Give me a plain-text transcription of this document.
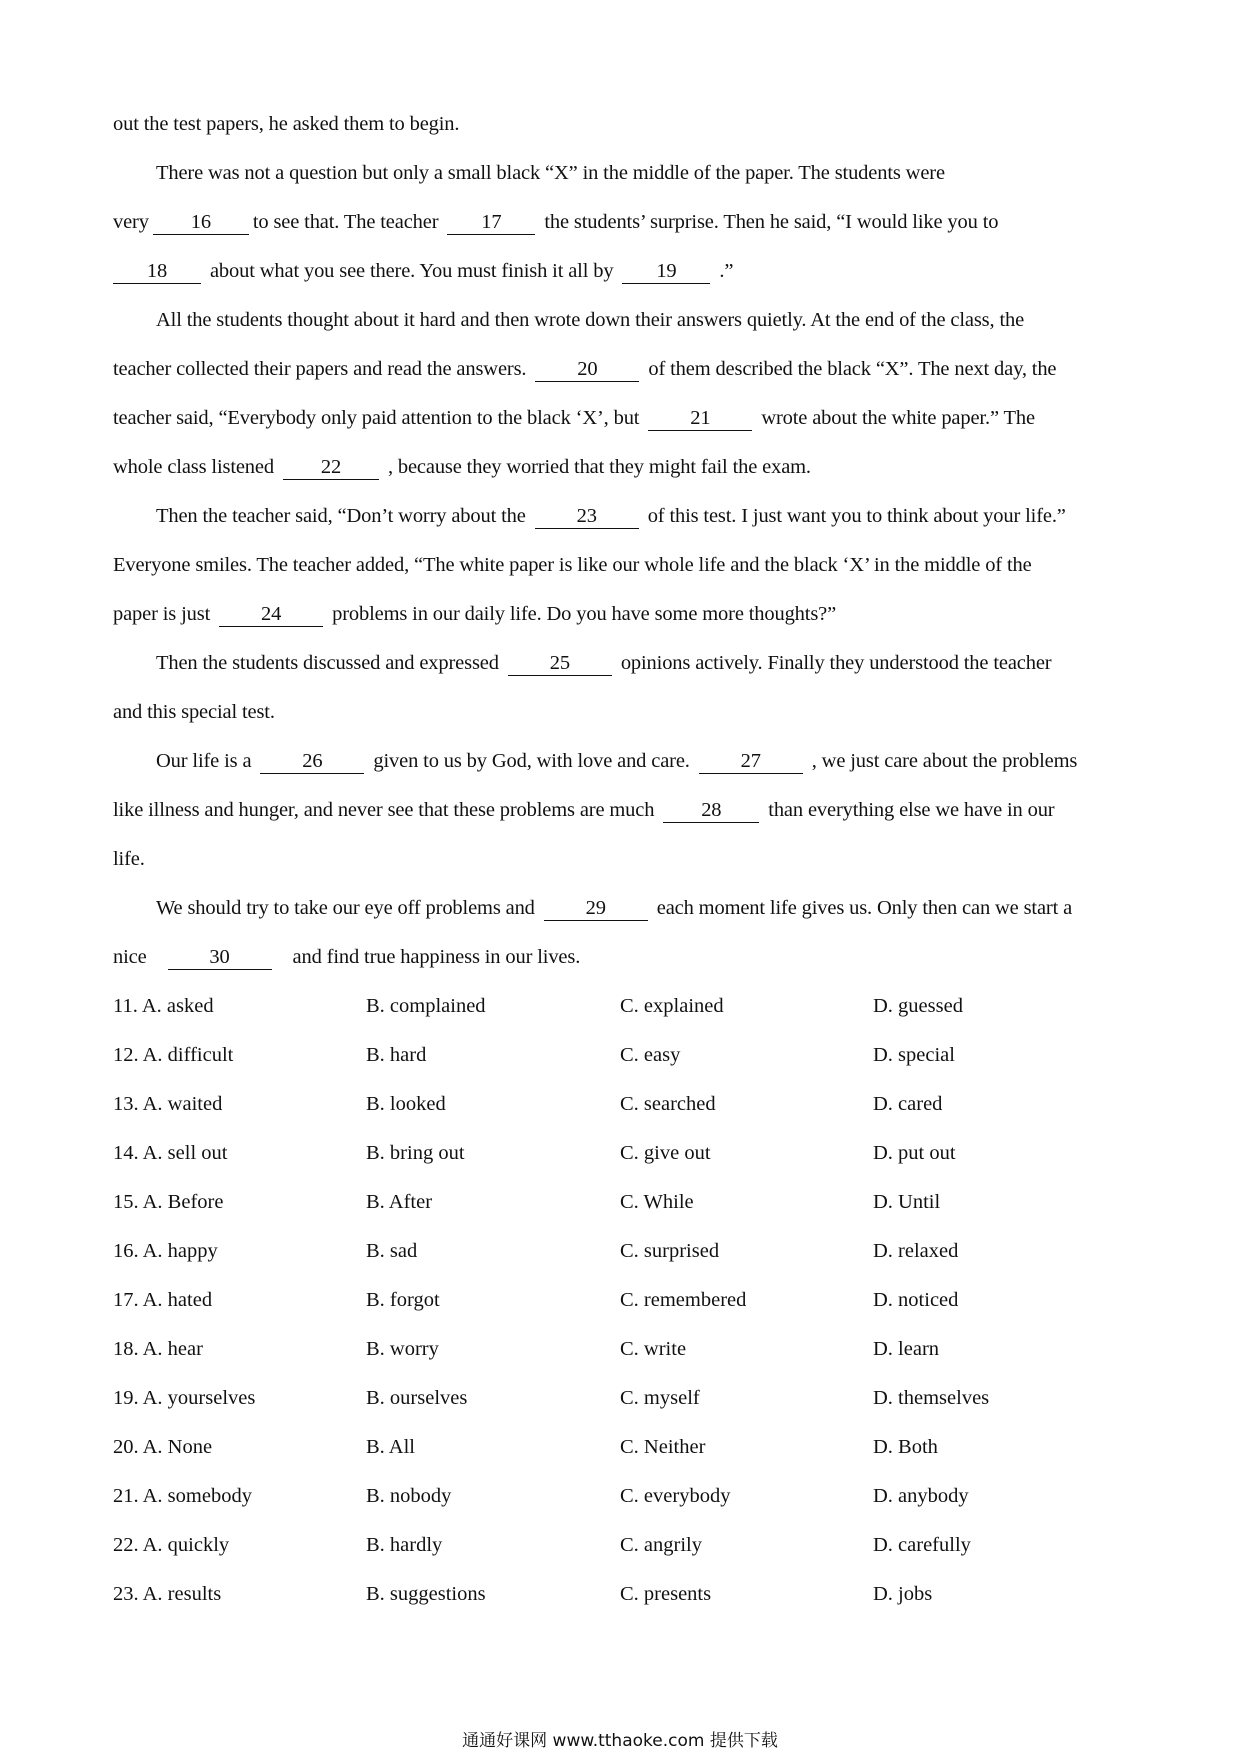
out the test papers, he asked them to begin.
There was not a question but only a small black “X” in the middle of the paper. The students were
very 16 to see that. The teacher 17 the students’ surprise. Then he said, “I would like you to
18 about what you see there. You must finish it all by 19 .”
All the students thought about it hard and then wrote down their answers quietly. At the end of the class, the
teacher collected their papers and read the answers. 20 of them described the black “X”. The next day, the
teacher said, “Everybody only paid attention to the black ‘X’, but 21 wrote about the white paper.” The
whole class listened 22 , because they worried that they might fail the exam.
Then the teacher said, “Don’t worry about the 23 of this test. I just want you to think about your life.”
Everyone smiles. The teacher added, “The white paper is like our whole life and the black ‘X’ in the middle of the
paper is just 24 problems in our daily life. Do you have some more thoughts?”
Then the students discussed and expressed 25 opinions actively. Finally they understood the teacher
and this special test.
Our life is a 26 given to us by God, with love and care. 27 , we just care about the problems
like illness and hunger, and never see that these problems are much 28 than everything else we have in our
life.
We should try to take our eye off problems and 29 each moment life gives us. Only then can we start a
nice	30	and find true happiness in our lives.
11. A. asked	B. complained	C. explained	D. guessed
12. A. difficult	B. hard	C. easy	D. special
13. A. waited	B. looked	C. searched	D. cared
14. A. sell out	B. bring out	C. give out	D. put out
15. A. Before	B. After	C. While	D. Until
16. A. happy	B. sad	C. surprised	D. relaxed
17. A. hated	B. forgot	C. remembered	D. noticed
18. A. hear	B. worry	C. write	D. learn
19. A. yourselves	B. ourselves	C. myself	D. themselves
20. A. None	B. All	C. Neither	D. Both
21. A. somebody	B. nobody	C. everybody	D. anybody
22. A. quickly	B. hardly	C. angrily	D. carefully
23. A. results	B. suggestions	C. presents	D. jobs
通通好课网 www.tthaoke.com 提供下载
